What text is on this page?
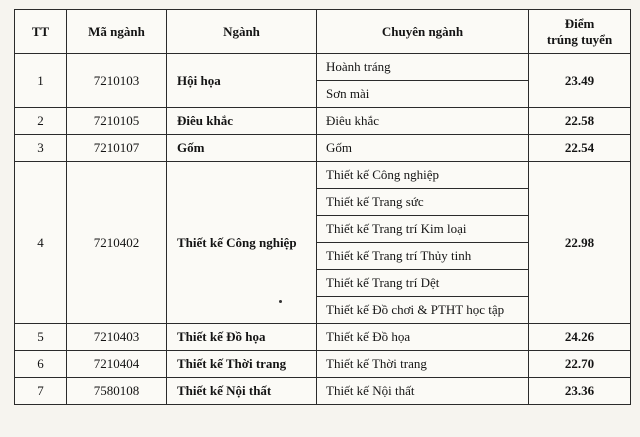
TT	Mã ngành	Ngành	Chuyên ngành	Điểm
trúng tuyển

1	7210103	Hội họa	Hoành tráng	23.49
			Sơn mài	
2	7210105	Điêu khắc	Điêu khắc	22.58
3	7210107	Gốm	Gốm	22.54
4	7210402	Thiết kế Công nghiệp	Thiết kế Công nghiệp	22.98
			Thiết kế Trang sức	
			Thiết kế Trang trí Kim loại	
			Thiết kế Trang trí Thủy tinh	
			Thiết kế Trang trí Dệt	
			Thiết kế Đồ chơi & PTHT học tập	
5	7210403	Thiết kế Đồ họa	Thiết kế Đồ họa	24.26
6	7210404	Thiết kế Thời trang	Thiết kế Thời trang	22.70
7	7580108	Thiết kế Nội thất	Thiết kế Nội thất	23.36
